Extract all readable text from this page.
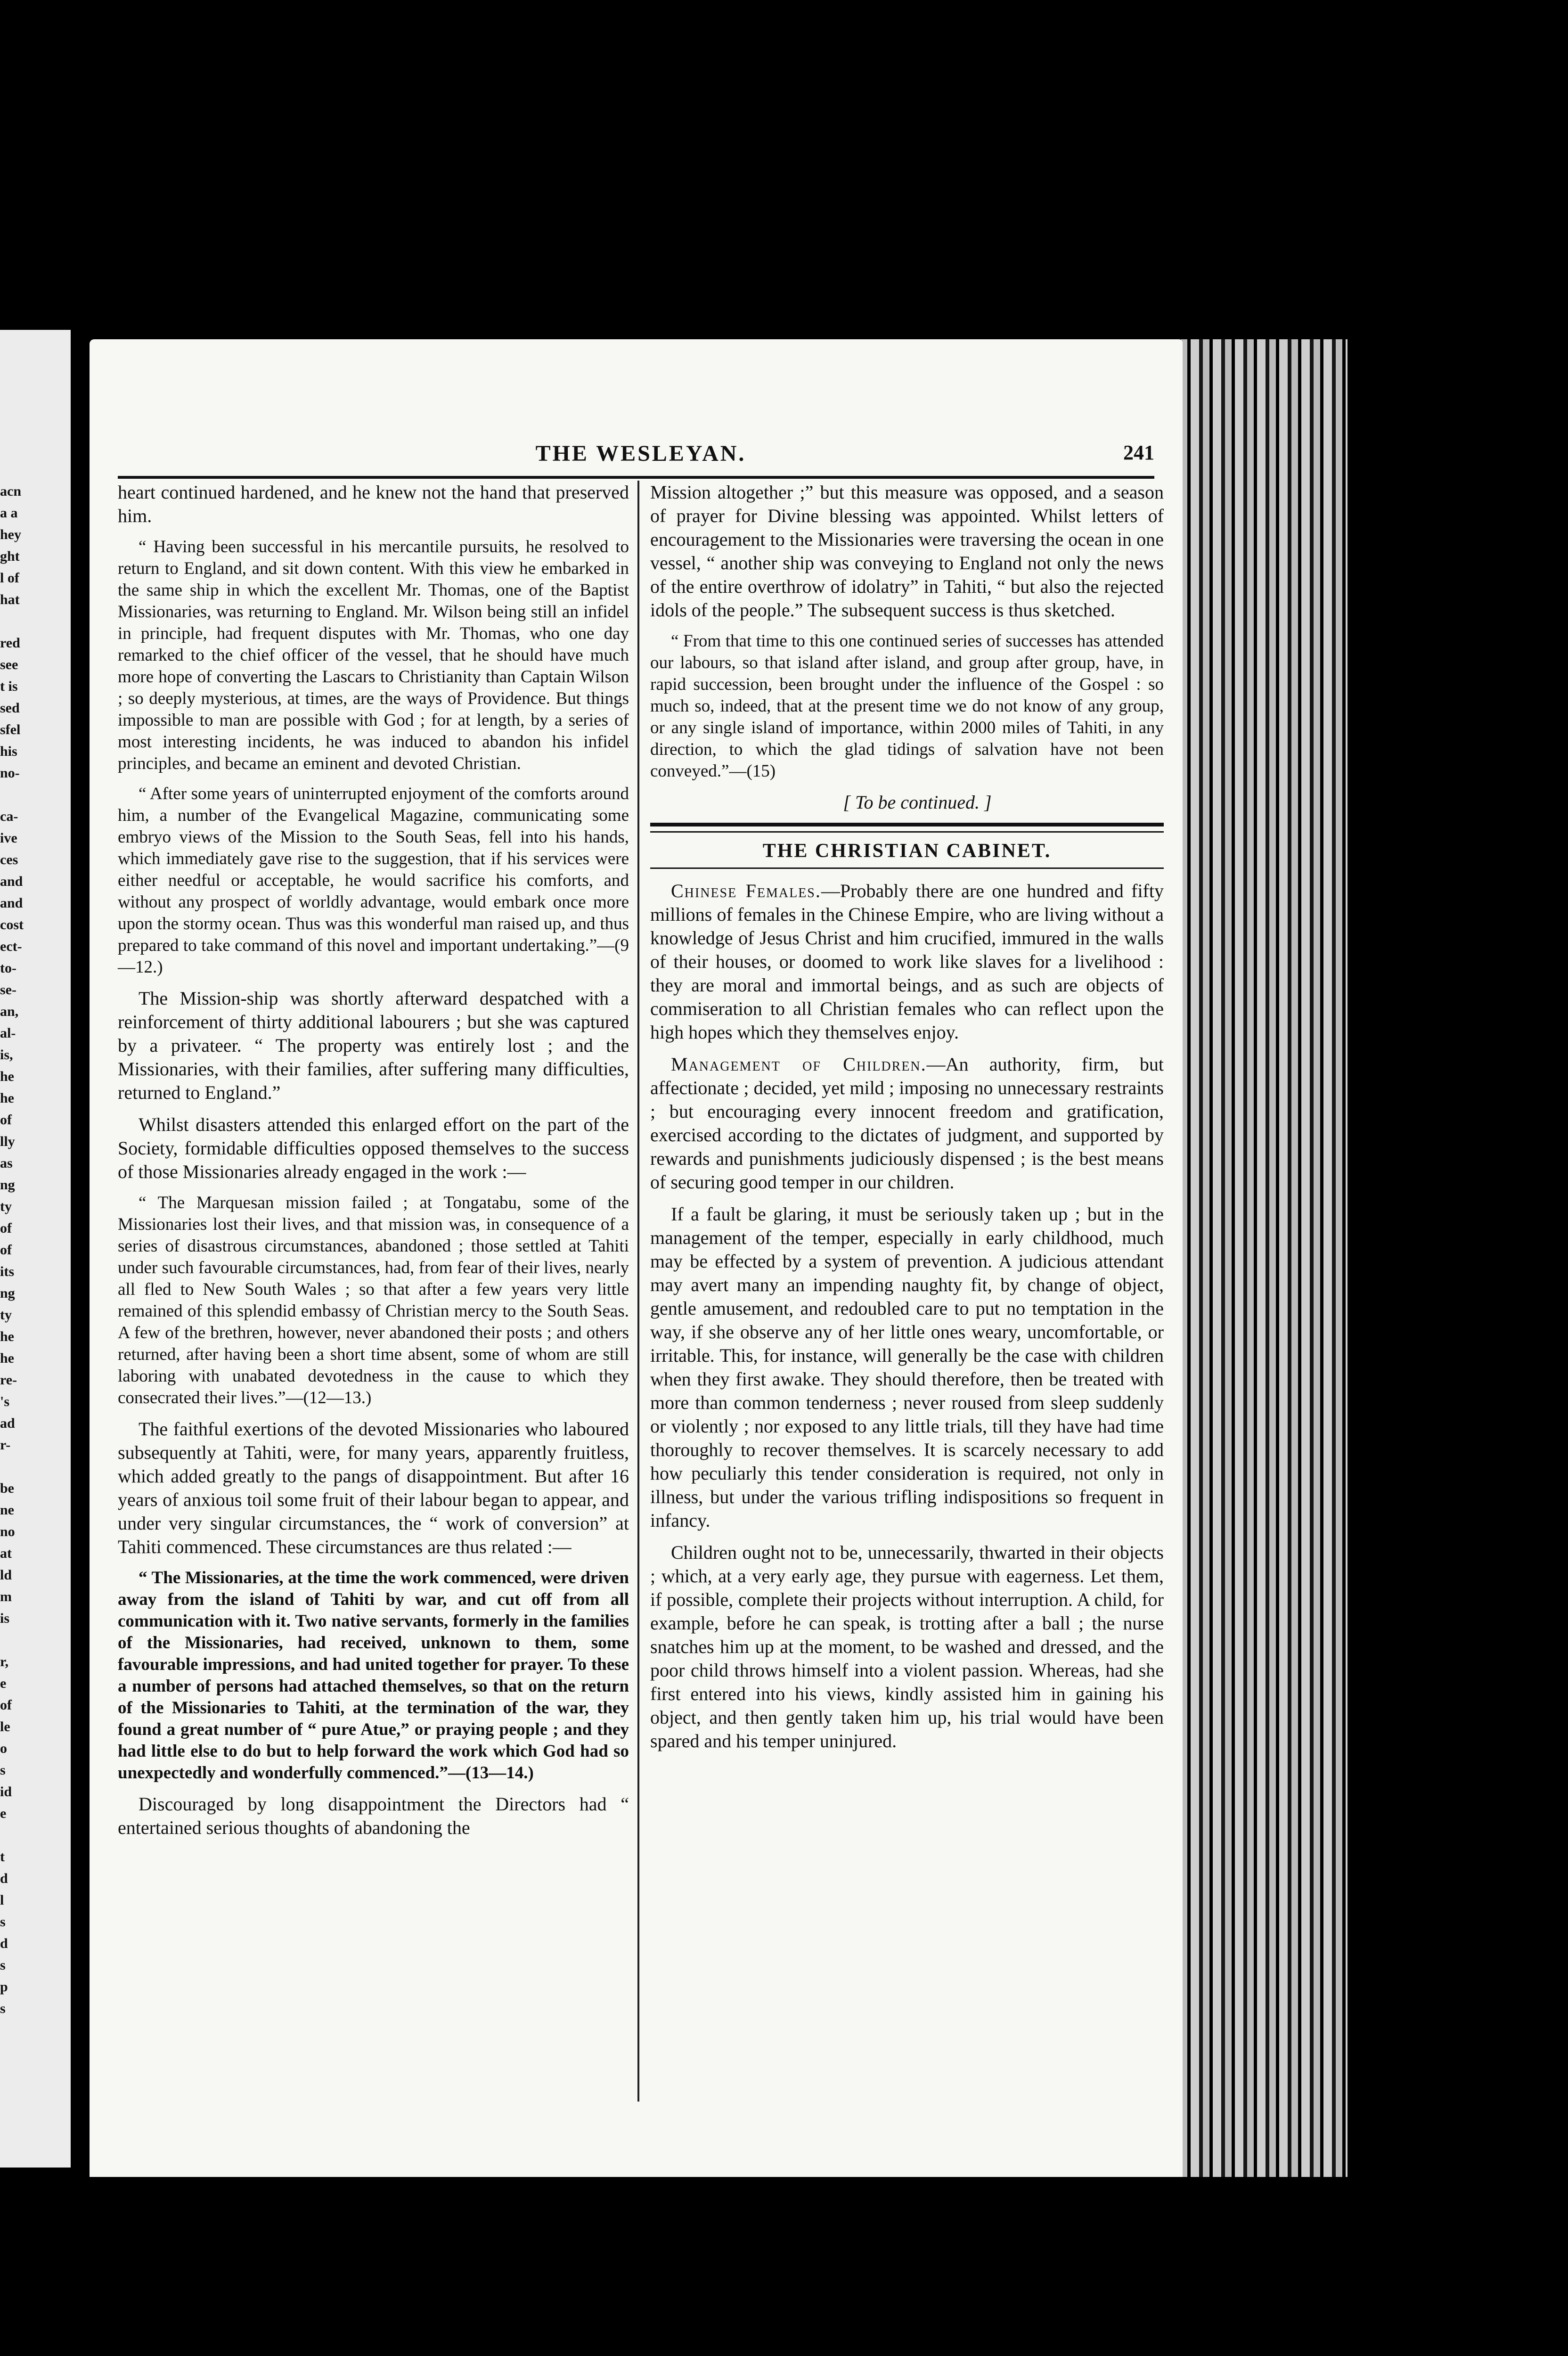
acn
a a
hey
ght
l of
hat

red
see
t is
sed
sfel
his
no-

ca-
ive
ces
and
and
cost
ect-
to-
se-
an,
al-
is,
he
he
of
lly
as
ng
ty
of
of
its
ng
ty
he
he
re-
's
ad
r-

be
ne
no
at
ld
m
is

r,
e
of
le
o
s
id
e

t
d
l
s
d
s
p
s
THE WESLEYAN.	241

heart continued hardened, and he knew not the hand that preserved him.

“ Having been successful in his mercantile pursuits, he resolved to return to England, and sit down content. With this view he embarked in the same ship in which the excellent Mr. Thomas, one of the Baptist Missionaries, was returning to England. Mr. Wilson being still an infidel in principle, had frequent disputes with Mr. Thomas, who one day remarked to the chief officer of the vessel, that he should have much more hope of converting the Lascars to Christianity than Captain Wilson ; so deeply mysterious, at times, are the ways of Providence. But things impossible to man are possible with God ; for at length, by a series of most interesting incidents, he was induced to abandon his infidel principles, and became an eminent and devoted Christian.

“ After some years of uninterrupted enjoyment of the comforts around him, a number of the Evangelical Magazine, communicating some embryo views of the Mission to the South Seas, fell into his hands, which immediately gave rise to the suggestion, that if his services were either needful or acceptable, he would sacrifice his comforts, and without any prospect of worldly advantage, would embark once more upon the stormy ocean. Thus was this wonderful man raised up, and thus prepared to take command of this novel and important undertaking.”—(9—12.)

The Mission-ship was shortly afterward despatched with a reinforcement of thirty additional labourers ; but she was captured by a privateer. “ The property was entirely lost ; and the Missionaries, with their families, after suffering many difficulties, returned to England.”

Whilst disasters attended this enlarged effort on the part of the Society, formidable difficulties opposed themselves to the success of those Missionaries already engaged in the work :—

“ The Marquesan mission failed ; at Tongatabu, some of the Missionaries lost their lives, and that mission was, in consequence of a series of disastrous circumstances, abandoned ; those settled at Tahiti under such favourable circumstances, had, from fear of their lives, nearly all fled to New South Wales ; so that after a few years very little remained of this splendid embassy of Christian mercy to the South Seas. A few of the brethren, however, never abandoned their posts ; and others returned, after having been a short time absent, some of whom are still laboring with unabated devotedness in the cause to which they consecrated their lives.”—(12—13.)

The faithful exertions of the devoted Missionaries who laboured subsequently at Tahiti, were, for many years, apparently fruitless, which added greatly to the pangs of disappointment. But after 16 years of anxious toil some fruit of their labour began to appear, and under very singular circumstances, the “ work of conversion” at Tahiti commenced. These circumstances are thus related :—

“ The Missionaries, at the time the work commenced, were driven away from the island of Tahiti by war, and cut off from all communication with it. Two native servants, formerly in the families of the Missionaries, had received, unknown to them, some favourable impressions, and had united together for prayer. To these a number of persons had attached themselves, so that on the return of the Missionaries to Tahiti, at the termination of the war, they found a great number of “ pure Atue,” or praying people ; and they had little else to do but to help forward the work which God had so unexpectedly and wonderfully commenced.”—(13—14.)

Discouraged by long disappointment the Directors had “ entertained serious thoughts of abandoning the

Mission altogether ;” but this measure was opposed, and a season of prayer for Divine blessing was appointed. Whilst letters of encouragement to the Missionaries were traversing the ocean in one vessel, “ another ship was conveying to England not only the news of the entire overthrow of idolatry” in Tahiti, “ but also the rejected idols of the people.” The subsequent success is thus sketched.

“ From that time to this one continued series of successes has attended our labours, so that island after island, and group after group, have, in rapid succession, been brought under the influence of the Gospel : so much so, indeed, that at the present time we do not know of any group, or any single island of importance, within 2000 miles of Tahiti, in any direction, to which the glad tidings of salvation have not been conveyed.”—(15)

[ To be continued. ]

THE CHRISTIAN CABINET.

Chinese Females.—Probably there are one hundred and fifty millions of females in the Chinese Empire, who are living without a knowledge of Jesus Christ and him crucified, immured in the walls of their houses, or doomed to work like slaves for a livelihood : they are moral and immortal beings, and as such are objects of commiseration to all Christian females who can reflect upon the high hopes which they themselves enjoy.

Management of Children.—An authority, firm, but affectionate ; decided, yet mild ; imposing no unnecessary restraints ; but encouraging every innocent freedom and gratification, exercised according to the dictates of judgment, and supported by rewards and punishments judiciously dispensed ; is the best means of securing good temper in our children.

If a fault be glaring, it must be seriously taken up ; but in the management of the temper, especially in early childhood, much may be effected by a system of prevention. A judicious attendant may avert many an impending naughty fit, by change of object, gentle amusement, and redoubled care to put no temptation in the way, if she observe any of her little ones weary, uncomfortable, or irritable. This, for instance, will generally be the case with children when they first awake. They should therefore, then be treated with more than common tenderness ; never roused from sleep suddenly or violently ; nor exposed to any little trials, till they have had time thoroughly to recover themselves. It is scarcely necessary to add how peculiarly this tender consideration is required, not only in illness, but under the various trifling indispositions so frequent in infancy.

Children ought not to be, unnecessarily, thwarted in their objects ; which, at a very early age, they pursue with eagerness. Let them, if possible, complete their projects without interruption. A child, for example, before he can speak, is trotting after a ball ; the nurse snatches him up at the moment, to be washed and dressed, and the poor child throws himself into a violent passion. Whereas, had she first entered into his views, kindly assisted him in gaining his object, and then gently taken him up, his trial would have been spared and his temper uninjured.
